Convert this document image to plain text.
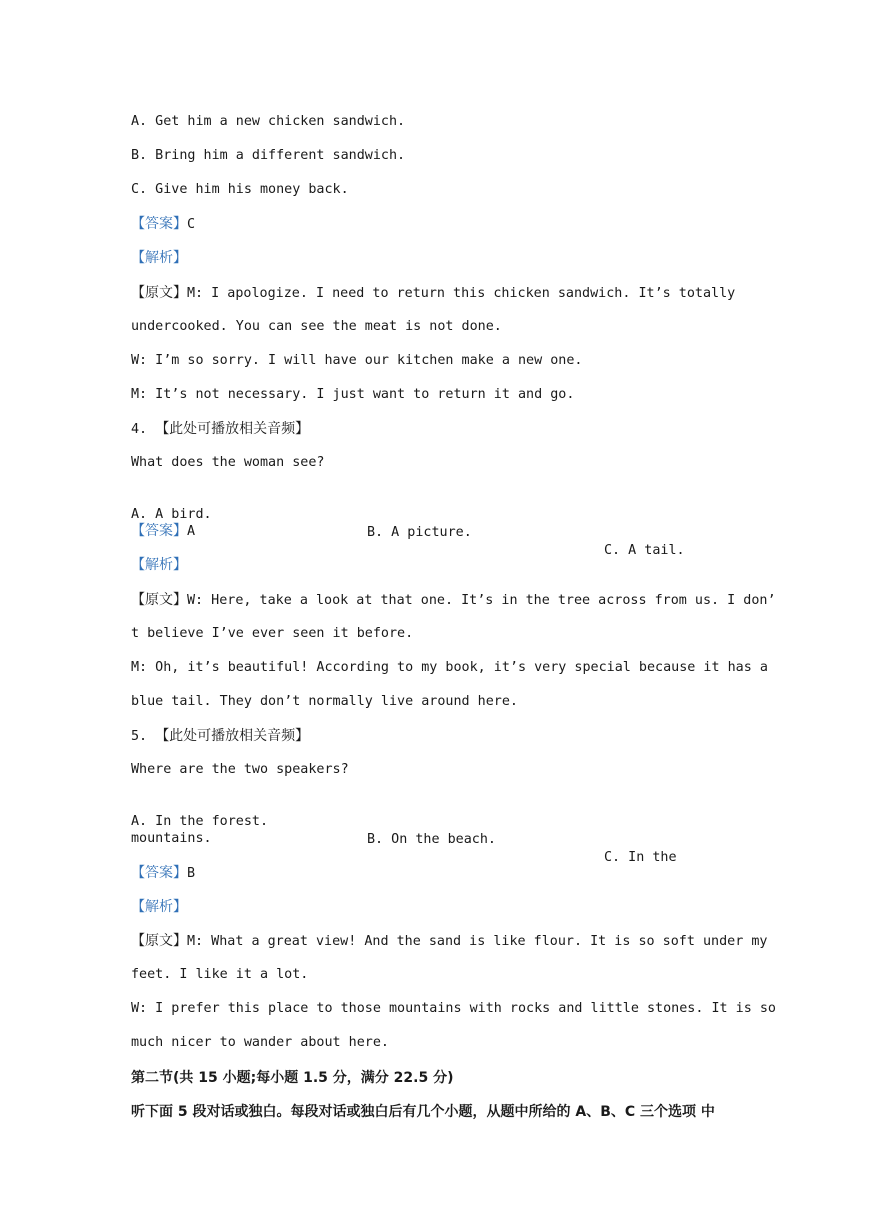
A. Get him a new chicken sandwich.
B. Bring him a different sandwich.
C. Give him his money back.
【答案】C
【解析】
【原文】M: I apologize. I need to return this chicken sandwich. It’s totally
undercooked. You can see the meat is not done.
W: I’m so sorry. I will have our kitchen make a new one.
M: It’s not necessary. I just want to return it and go.
4. 【此处可播放相关音频】
What does the woman see?

A. A bird.

B. A picture.

C. A tail.

【答案】A
【解析】
【原文】W: Here, take a look at that one. It’s in the tree across from us. I don’
t believe I’ve ever seen it before.
M: Oh, it’s beautiful! According to my book, it’s very special because it has a
blue tail. They don’t normally live around here.
5. 【此处可播放相关音频】
Where are the two speakers?

A. In the forest.

B. On the beach.

C. In the

mountains.
【答案】B
【解析】
【原文】M: What a great view! And the sand is like flour. It is so soft under my
feet. I like it a lot.
W: I prefer this place to those mountains with rocks and little stones. It is so
much nicer to wander about here.
第二节(共 15 小题;每小题 1.5 分，满分 22.5 分)
听下面 5 段对话或独白。每段对话或独白后有几个小题，从题中所给的 A、B、C 三个选项 中
